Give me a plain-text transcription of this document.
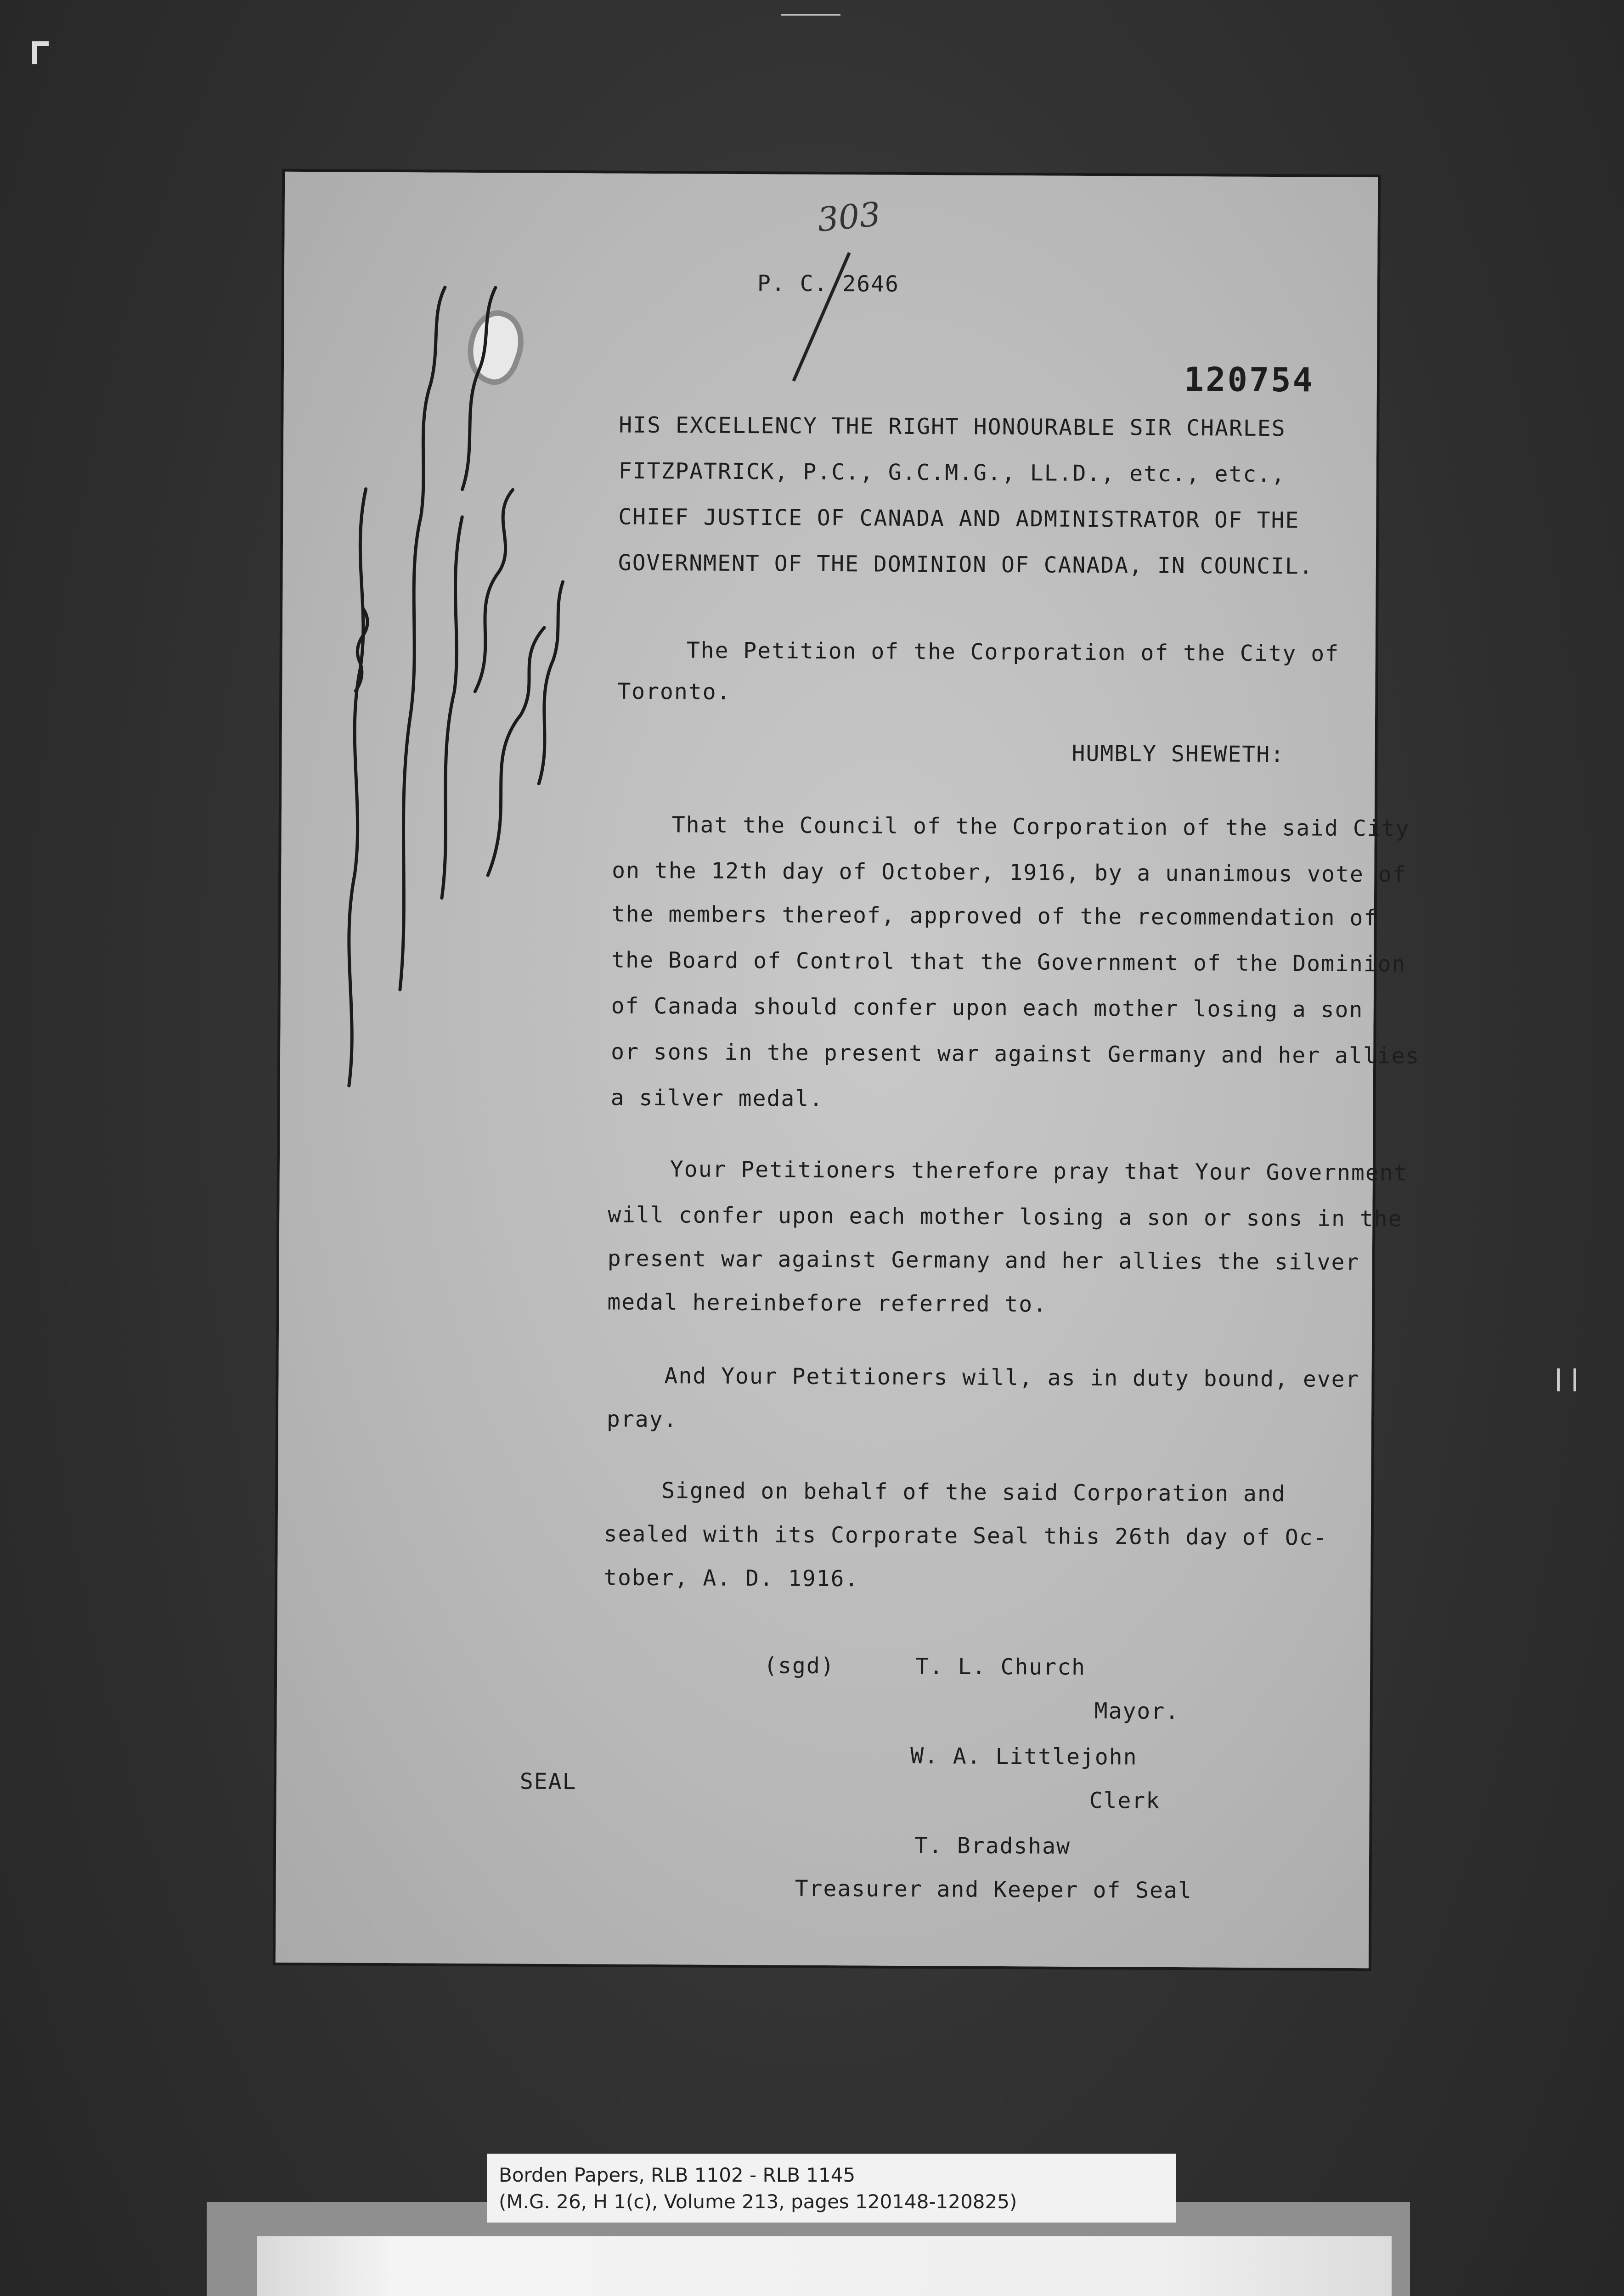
303
P. C. 2646
120754
HIS EXCELLENCY THE RIGHT HONOURABLE SIR CHARLES
FITZPATRICK, P.C., G.C.M.G., LL.D., etc., etc.,
CHIEF JUSTICE OF CANADA AND ADMINISTRATOR OF THE
GOVERNMENT OF THE DOMINION OF CANADA, IN COUNCIL.
The Petition of the Corporation of the City of
Toronto.
HUMBLY SHEWETH:
That the Council of the Corporation of the said City
on the 12th day of October, 1916, by a unanimous vote of
the members thereof, approved of the recommendation of
the Board of Control that the Government of the Dominion
of Canada should confer upon each mother losing a son
or sons in the present war against Germany and her allies
a silver medal.
Your Petitioners therefore pray that Your Government
will confer upon each mother losing a son or sons in the
present war against Germany and her allies the silver
medal hereinbefore referred to.
And Your Petitioners will, as in duty bound, ever
pray.
Signed on behalf of the said Corporation and
sealed with its Corporate Seal this 26th day of Oc-
tober, A. D. 1916.
(sgd)	T. L. Church
Mayor.
W. A. Littlejohn
SEAL
Clerk
T. Bradshaw
Treasurer and Keeper of Seal
Borden Papers, RLB 1102 - RLB 1145
(M.G. 26, H 1(c), Volume 213, pages 120148-120825)
